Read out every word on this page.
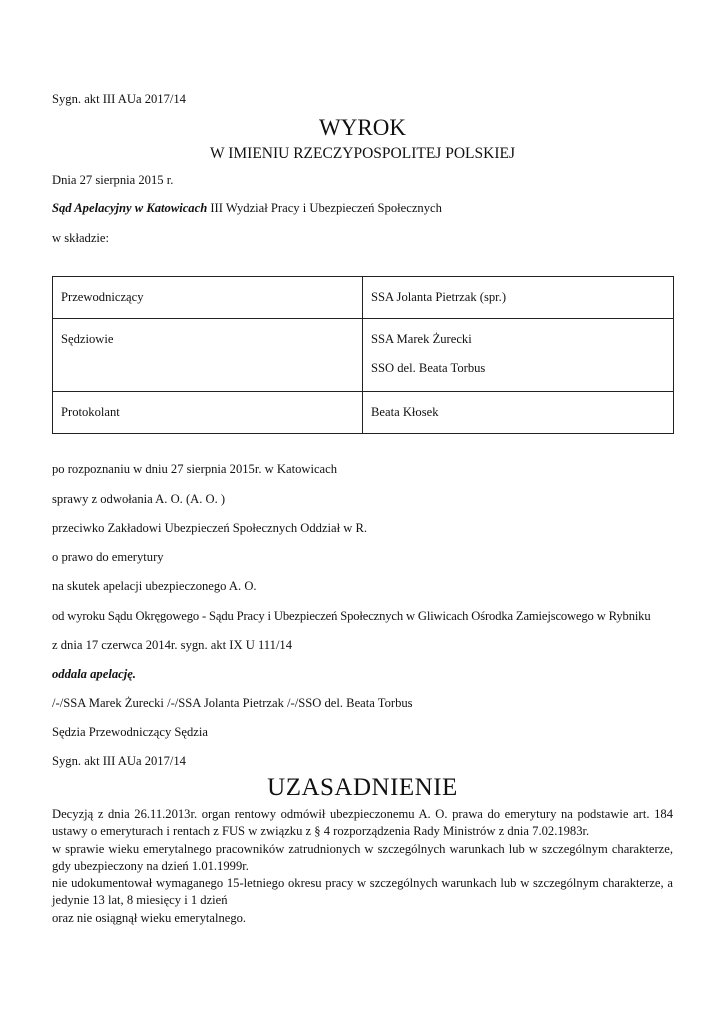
Sygn. akt III AUa 2017/14
WYROK
W IMIENIU RZECZYPOSPOLITEJ POLSKIEJ
Dnia 27 sierpnia 2015 r.
Sąd Apelacyjny w Katowicach III Wydział Pracy i Ubezpieczeń Społecznych
w składzie:
Przewodniczący	SSA Jolanta Pietrzak (spr.)

Sędziowie	SSA Marek Żurecki
SSO del. Beata Torbus

Protokolant	Beata Kłosek
po rozpoznaniu w dniu 27 sierpnia 2015r. w Katowicach
sprawy z odwołania A. O. (A. O. )
przeciwko Zakładowi Ubezpieczeń Społecznych Oddział w R.
o prawo do emerytury
na skutek apelacji ubezpieczonego A. O.
od wyroku Sądu Okręgowego - Sądu Pracy i Ubezpieczeń Społecznych w Gliwicach Ośrodka Zamiejscowego w Rybniku
z dnia 17 czerwca 2014r. sygn. akt IX U 111/14
oddala apelację.
/-/SSA Marek Żurecki /-/SSA Jolanta Pietrzak /-/SSO del. Beata Torbus
Sędzia Przewodniczący Sędzia
Sygn. akt III AUa 2017/14
UZASADNIENIE
Decyzją z dnia 26.11.2013r. organ rentowy odmówił ubezpieczonemu A. O. prawa do emerytury na podstawie art. 184 ustawy o emeryturach i rentach z FUS w związku z § 4 rozporządzenia Rady Ministrów z dnia 7.02.1983r.
w sprawie wieku emerytalnego pracowników zatrudnionych w szczególnych warunkach lub w szczególnym charakterze, gdy ubezpieczony na dzień 1.01.1999r.
nie udokumentował wymaganego 15-letniego okresu pracy w szczególnych warunkach lub w szczególnym charakterze, a jedynie 13 lat, 8 miesięcy i 1 dzień
oraz nie osiągnął wieku emerytalnego.
